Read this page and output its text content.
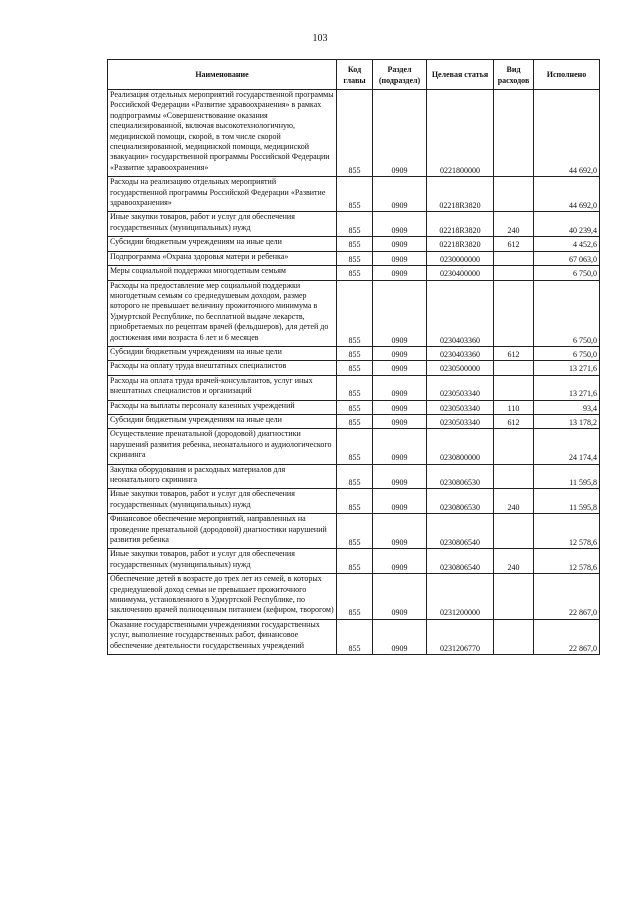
103
Наименование	Код главы	Раздел (подраздел)	Целевая статья	Вид расходов	Исполнено
Реализация отдельных мероприятий государственной программы Российской Федерации «Развитие здравоохранения» в рамках подпрограммы «Совершенствование оказания специализированной, включая высокотехнологичную, медицинской помощи, скорой, в том числе скорой специализированной, медицинской помощи, медицинской эвакуации» государственной программы Российской Федерации «Развитие здравоохранения»	855	0909	0221800000		44 692,0
Расходы на реализацию отдельных мероприятий государственной программы Российской Федерации «Развитие здравоохранения»	855	0909	02218R3820		44 692,0
Иные закупки товаров, работ и услуг для обеспечения государственных (муниципальных) нужд	855	0909	02218R3820	240	40 239,4
Субсидии бюджетным учреждениям на иные цели	855	0909	02218R3820	612	4 452,6
Подпрограмма «Охрана здоровья матери и ребенка»	855	0909	0230000000		67 063,0
Меры социальной поддержки многодетным семьям	855	0909	0230400000		6 750,0
Расходы на предоставление мер социальной поддержки многодетным семьям со среднедушевым доходом, размер которого не превышает величину прожиточного минимума в Удмуртской Республике, по бесплатной выдаче лекарств, приобретаемых по рецептам врачей (фельдшеров), для детей до достижения ими возраста 6 лет и 6 месяцев	855	0909	0230403360		6 750,0
Субсидии бюджетным учреждениям на иные цели	855	0909	0230403360	612	6 750,0
Расходы на оплату труда внештатных специалистов	855	0909	0230500000		13 271,6
Расходы на оплата труда врачей-консультантов, услуг иных внештатных специалистов и организаций	855	0909	0230503340		13 271,6
Расходы на выплаты персоналу казенных учреждений	855	0909	0230503340	110	93,4
Субсидии бюджетным учреждениям на иные цели	855	0909	0230503340	612	13 178,2
Осуществление пренатальной (дородовой) диагностики нарушений развития ребенка, неонатального и аудиологического скрининга	855	0909	0230800000		24 174,4
Закупка оборудования и расходных материалов для неонатального скрининга	855	0909	0230806530		11 595,8
Иные закупки товаров, работ и услуг для обеспечения государственных (муниципальных) нужд	855	0909	0230806530	240	11 595,8
Финансовое обеспечение мероприятий, направленных на проведение пренатальной (дородовой) диагностики нарушений развития ребенка	855	0909	0230806540		12 578,6
Иные закупки товаров, работ и услуг для обеспечения государственных (муниципальных) нужд	855	0909	0230806540	240	12 578,6
Обеспечение детей в возрасте до трех лет из семей, в которых среднедушевой доход семьи не превышает прожиточного минимума, установленного в Удмуртской Республике, по заключению врачей полноценным питанием (кефиром, творогом)	855	0909	0231200000		22 867,0
Оказание государственными учреждениями государственных услуг, выполнение государственных работ, финансовое обеспечение деятельности государственных учреждений	855	0909	0231206770		22 867,0
